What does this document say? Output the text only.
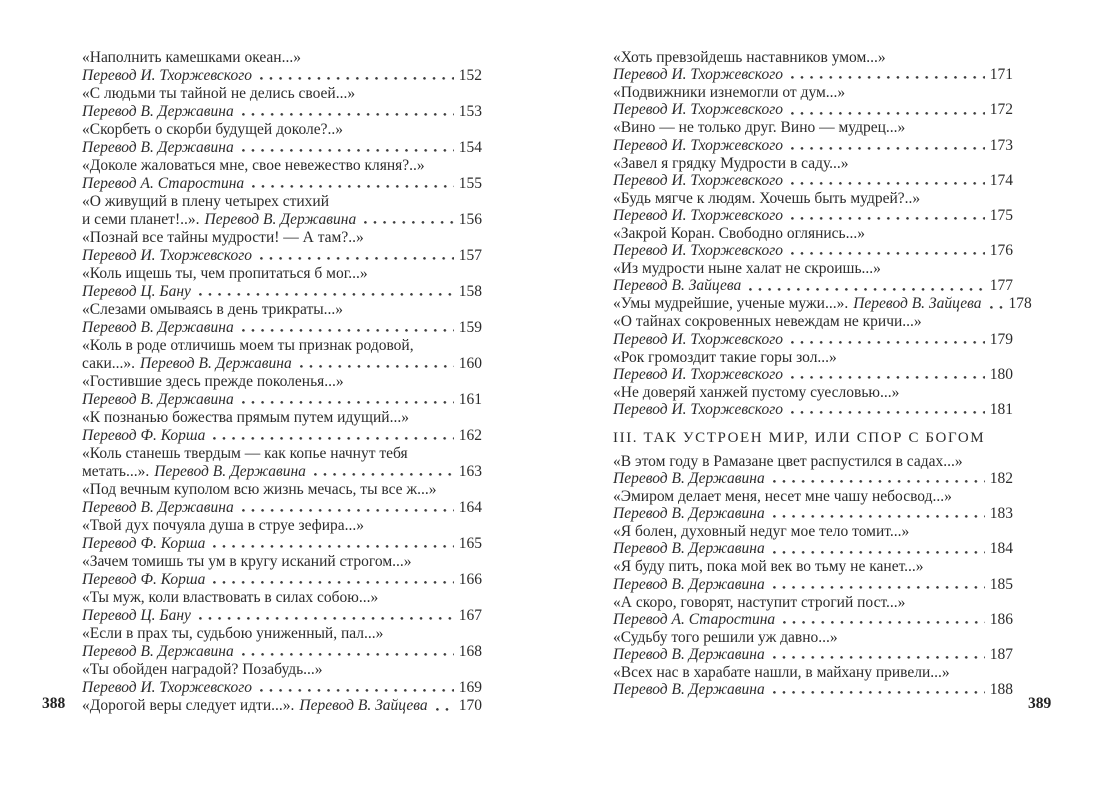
388
«Наполнить камешками океан...»
Перевод И. Тхоржевского	152
«С людьми ты тайной не делись своей...»
Перевод В. Державина	153
«Скорбеть о скорби будущей доколе?..»
Перевод В. Державина	154
«Доколе жаловаться мне, свое невежество кляня?..»
Перевод А. Старостина	155
«О живущий в плену четырех стихий
и семи планет!..». Перевод В. Державина	156
«Познай все тайны мудрости! — А там?..»
Перевод И. Тхоржевского	157
«Коль ищешь ты, чем пропитаться б мог...»
Перевод Ц. Бану	158
«Слезами омываясь в день трикраты...»
Перевод В. Державина	159
«Коль в роде отличишь моем ты признак родовой,
саки...». Перевод В. Державина	160
«Гостившие здесь прежде поколенья...»
Перевод В. Державина	161
«К познанью божества прямым путем идущий...»
Перевод Ф. Корша	162
«Коль станешь твердым — как копье начнут тебя
метать...». Перевод В. Державина	163
«Под вечным куполом всю жизнь мечась, ты все ж...»
Перевод В. Державина	164
«Твой дух почуяла душа в струе зефира...»
Перевод Ф. Корша	165
«Зачем томишь ты ум в кругу исканий строгом...»
Перевод Ф. Корша	166
«Ты муж, коли властвовать в силах собою...»
Перевод Ц. Бану	167
«Если в прах ты, судьбою униженный, пал...»
Перевод В. Державина	168
«Ты обойден наградой? Позабудь...»
Перевод И. Тхоржевского	169
«Дорогой веры следует идти...». Перевод В. Зайцева 170
«Хоть превзойдешь наставников умом...»
Перевод И. Тхоржевского	171
«Подвижники изнемогли от дум...»
Перевод И. Тхоржевского	172
«Вино — не только друг. Вино — мудрец...»
Перевод И. Тхоржевского	173
«Завел я грядку Мудрости в саду...»
Перевод И. Тхоржевского	174
«Будь мягче к людям. Хочешь быть мудрей?..»
Перевод И. Тхоржевского	175
«Закрой Коран. Свободно оглянись...»
Перевод И. Тхоржевского	176
«Из мудрости ныне халат не скроишь...»
Перевод В. Зайцева	177
«Умы мудрейшие, ученые мужи...». Перевод В. Зайцева 178
«О тайнах сокровенных невеждам не кричи...»
Перевод И. Тхоржевского	179
«Рок громоздит такие горы зол...»
Перевод И. Тхоржевского	180
«Не доверяй ханжей пустому суесловью...»
Перевод И. Тхоржевского	181
III. ТАК УСТРОЕН МИР, ИЛИ СПОР С БОГОМ
«В этом году в Рамазане цвет распустился в садах...»
Перевод В. Державина	182
«Эмиром делает меня, несет мне чашу небосвод...»
Перевод В. Державина	183
«Я болен, духовный недуг мое тело томит...»
Перевод В. Державина	184
«Я буду пить, пока мой век во тьму не канет...»
Перевод В. Державина	185
«А скоро, говорят, наступит строгий пост...»
Перевод А. Старостина	186
«Судьбу того решили уж давно...»
Перевод В. Державина	187
«Всех нас в харабате нашли, в майхану привели...»
Перевод В. Державина	188
389
